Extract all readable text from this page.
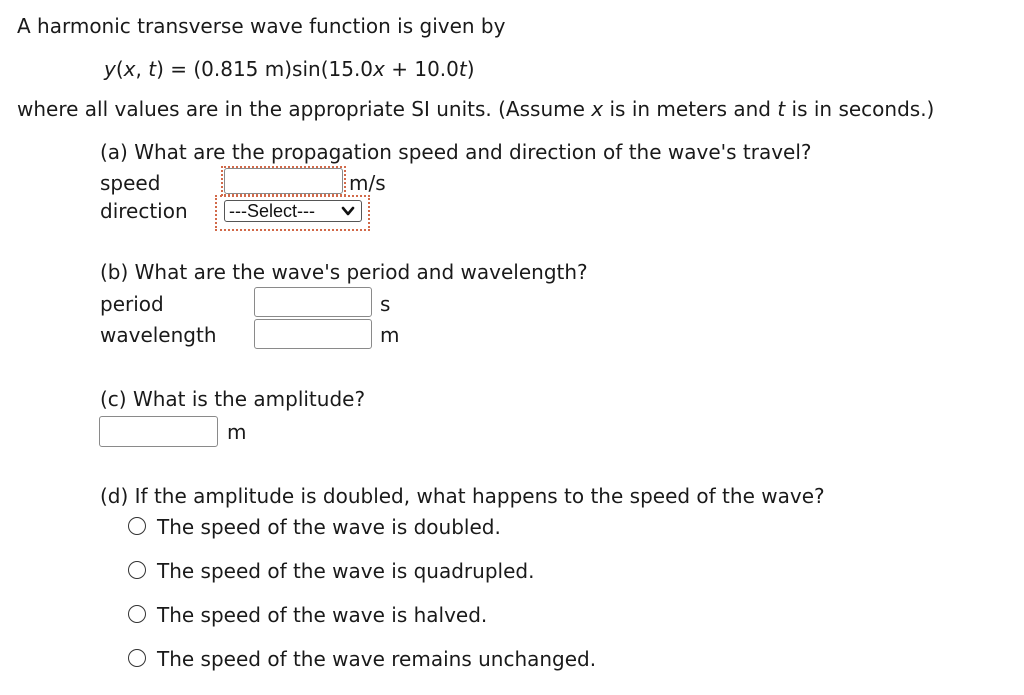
A harmonic transverse wave function is given by
y(x, t) = (0.815 m)sin(15.0x + 10.0t)
where all values are in the appropriate SI units. (Assume x is in meters and t is in seconds.)
(a) What are the propagation speed and direction of the wave's travel?
speed	m/s
direction ---Select---
(b) What are the wave's period and wavelength?
period	s
wavelength	m
(c) What is the amplitude?
m
(d) If the amplitude is doubled, what happens to the speed of the wave?
The speed of the wave is doubled.
The speed of the wave is quadrupled.
The speed of the wave is halved.
The speed of the wave remains unchanged.
